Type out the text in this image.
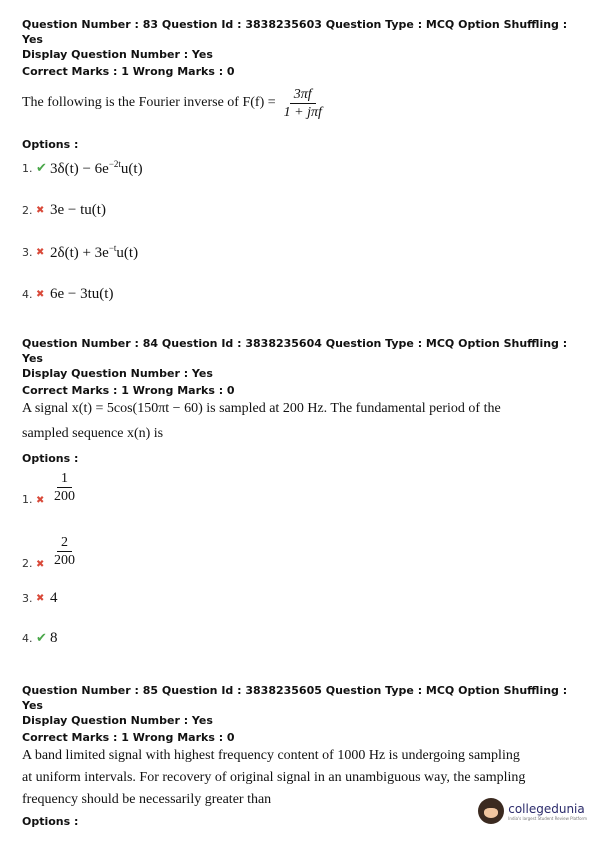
Question Number : 83 Question Id : 3838235603 Question Type : MCQ Option Shuffling : Yes

Display Question Number : Yes

Correct Marks : 1 Wrong Marks : 0

The following is the Fourier inverse of $F(f) = \frac{3\pi f}{\text{1 + jπf}}$
Options :
1. ✔ $3\delta(t) - 6e^{-2t}u(t)$
2. ✖ 3e − tu(t)
3. ✖ $2\delta(t) + 3e^{-t}u(t)$
4. ✖ 6e − 3tu(t)

Question Number : 84 Question Id : 3838235604 Question Type : MCQ Option Shuffling : Yes

Display Question Number : Yes

Correct Marks : 1 Wrong Marks : 0

A signal x(t) = 5cos(150πt − 60) is sampled at 200 Hz. The fundamental period of the
sampled sequence x(n) is
Options :
1. ✖ $\frac{1}{200}$
2. ✖ $\frac{2}{200}$
3. ✖ 4
4. ✔ 8

Question Number : 85 Question Id : 3838235605 Question Type : MCQ Option Shuffling : Yes

Display Question Number : Yes

Correct Marks : 1 Wrong Marks : 0

A band limited signal with highest frequency content of 1000 Hz is undergoing sampling
at uniform intervals. For recovery of original signal in an unambiguous way, the sampling
frequency should be necessarily greater than
Options :
collegedunia
India's largest Student Review Platform
